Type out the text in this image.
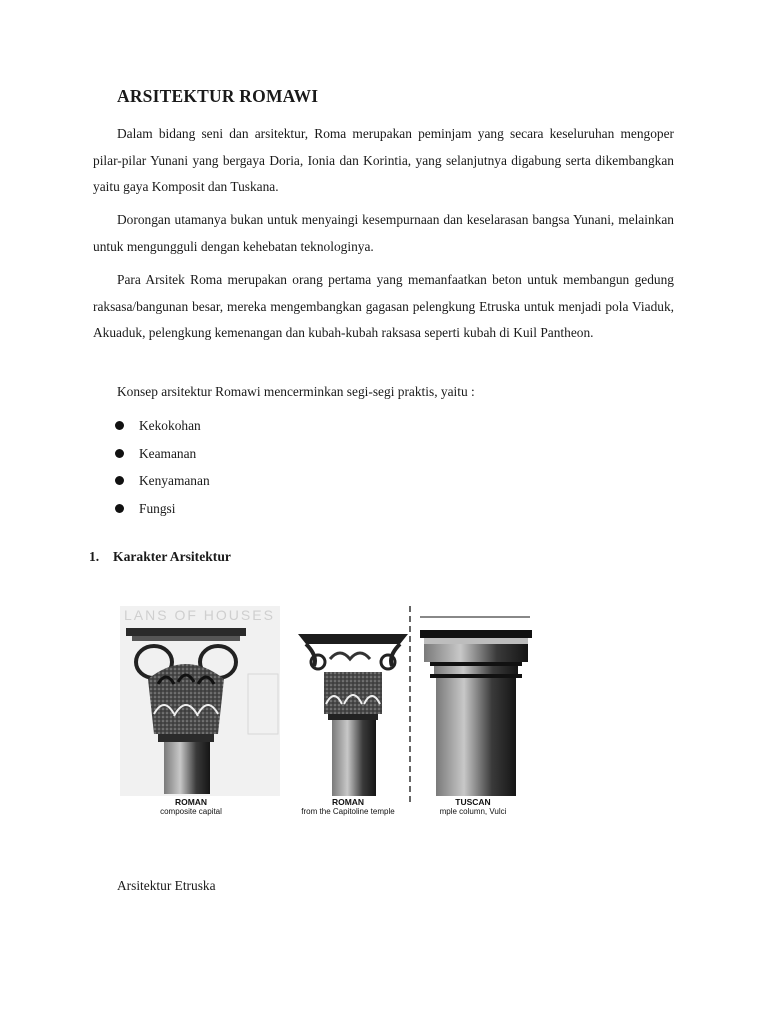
ARSITEKTUR ROMAWI

Dalam bidang seni dan arsitektur, Roma merupakan peminjam yang secara keseluruhan mengoper pilar-pilar Yunani yang bergaya Doria, Ionia dan Korintia, yang selanjutnya digabung serta dikembangkan yaitu gaya Komposit dan Tuskana.

Dorongan utamanya bukan untuk menyaingi kesempurnaan dan keselarasan bangsa Yunani, melainkan untuk mengungguli dengan kehebatan teknologinya.

Para Arsitek Roma merupakan orang pertama yang memanfaatkan beton untuk membangun gedung raksasa/bangunan besar, mereka mengembangkan gagasan pelengkung Etruska untuk menjadi pola Viaduk, Akuaduk, pelengkung kemenangan dan kubah-kubah raksasa seperti kubah di Kuil Pantheon.

Konsep arsitektur Romawi mencerminkan segi-segi praktis, yaitu :

Kekokohan
Keamanan
Kenyamanan
Fungsi
1. Karakter Arsitektur
LANS OF HOUSES
ROMAN
composite capital
ROMAN
from the Capitoline temple
TUSCAN
mple column, Vulci

Arsitektur Etruska
